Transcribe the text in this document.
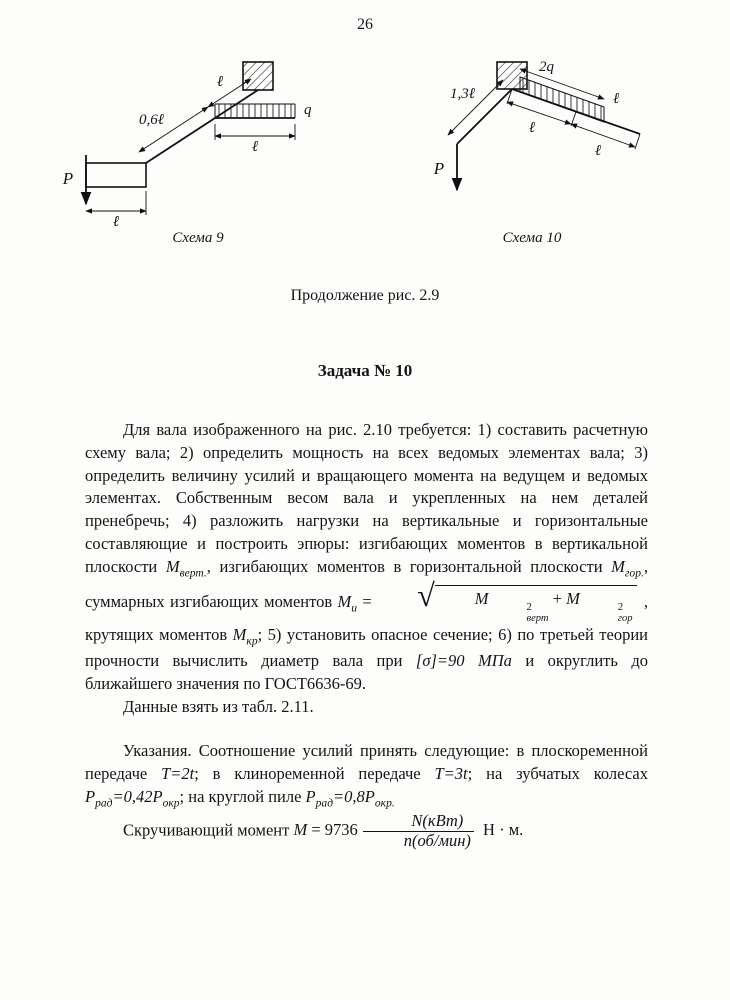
26
q
ℓ
ℓ
0,6ℓ
P
ℓ
Схема 9
2q
ℓ
ℓ
ℓ
1,3ℓ
P
Схема 10
Продолжение рис. 2.9
Задача № 10

Для вала изображенного на рис. 2.10 требуется: 1) составить расчетную схему вала; 2) определить мощность на всех ведомых элементах вала; 3) определить величину усилий и вращающего момента на ведущем и ведомых элементах. Собственным весом вала и укрепленных на нем деталей пренебречь; 4) разложить нагрузки на вертикальные и горизонтальные составляющие и построить эпюры: изгибающих моментов в вертикальной плоскости $M_{верт.}$, изгибающих моментов в горизонтальной плоскости $M_{гор.}$, суммарных изгибающих моментов $M_и$ =	√	M	2
верт
+ M	2
гор
, крутящих моментов $M_{кр}$; 5) установить опасное сечение; 6) по третьей теории прочности вычислить диаметр вала при [σ]=90 МПа и округлить до ближайшего значения по ГОСТ6636-69.

Данные взять из табл. 2.11.

Указания. Соотношение усилий принять следующие: в плоскоременной передаче T=2t; в клиноременной передаче T=3t; на зубчатых колесах $P_{рад}=0,42P_{окр}$; на круглой пиле $P_{рад}=0,8P_{окр.}$

Скручивающий момент $M = 9736 \frac{\text{N(кВт)}}{\text{n(об/мин)}}$ Н · м.
